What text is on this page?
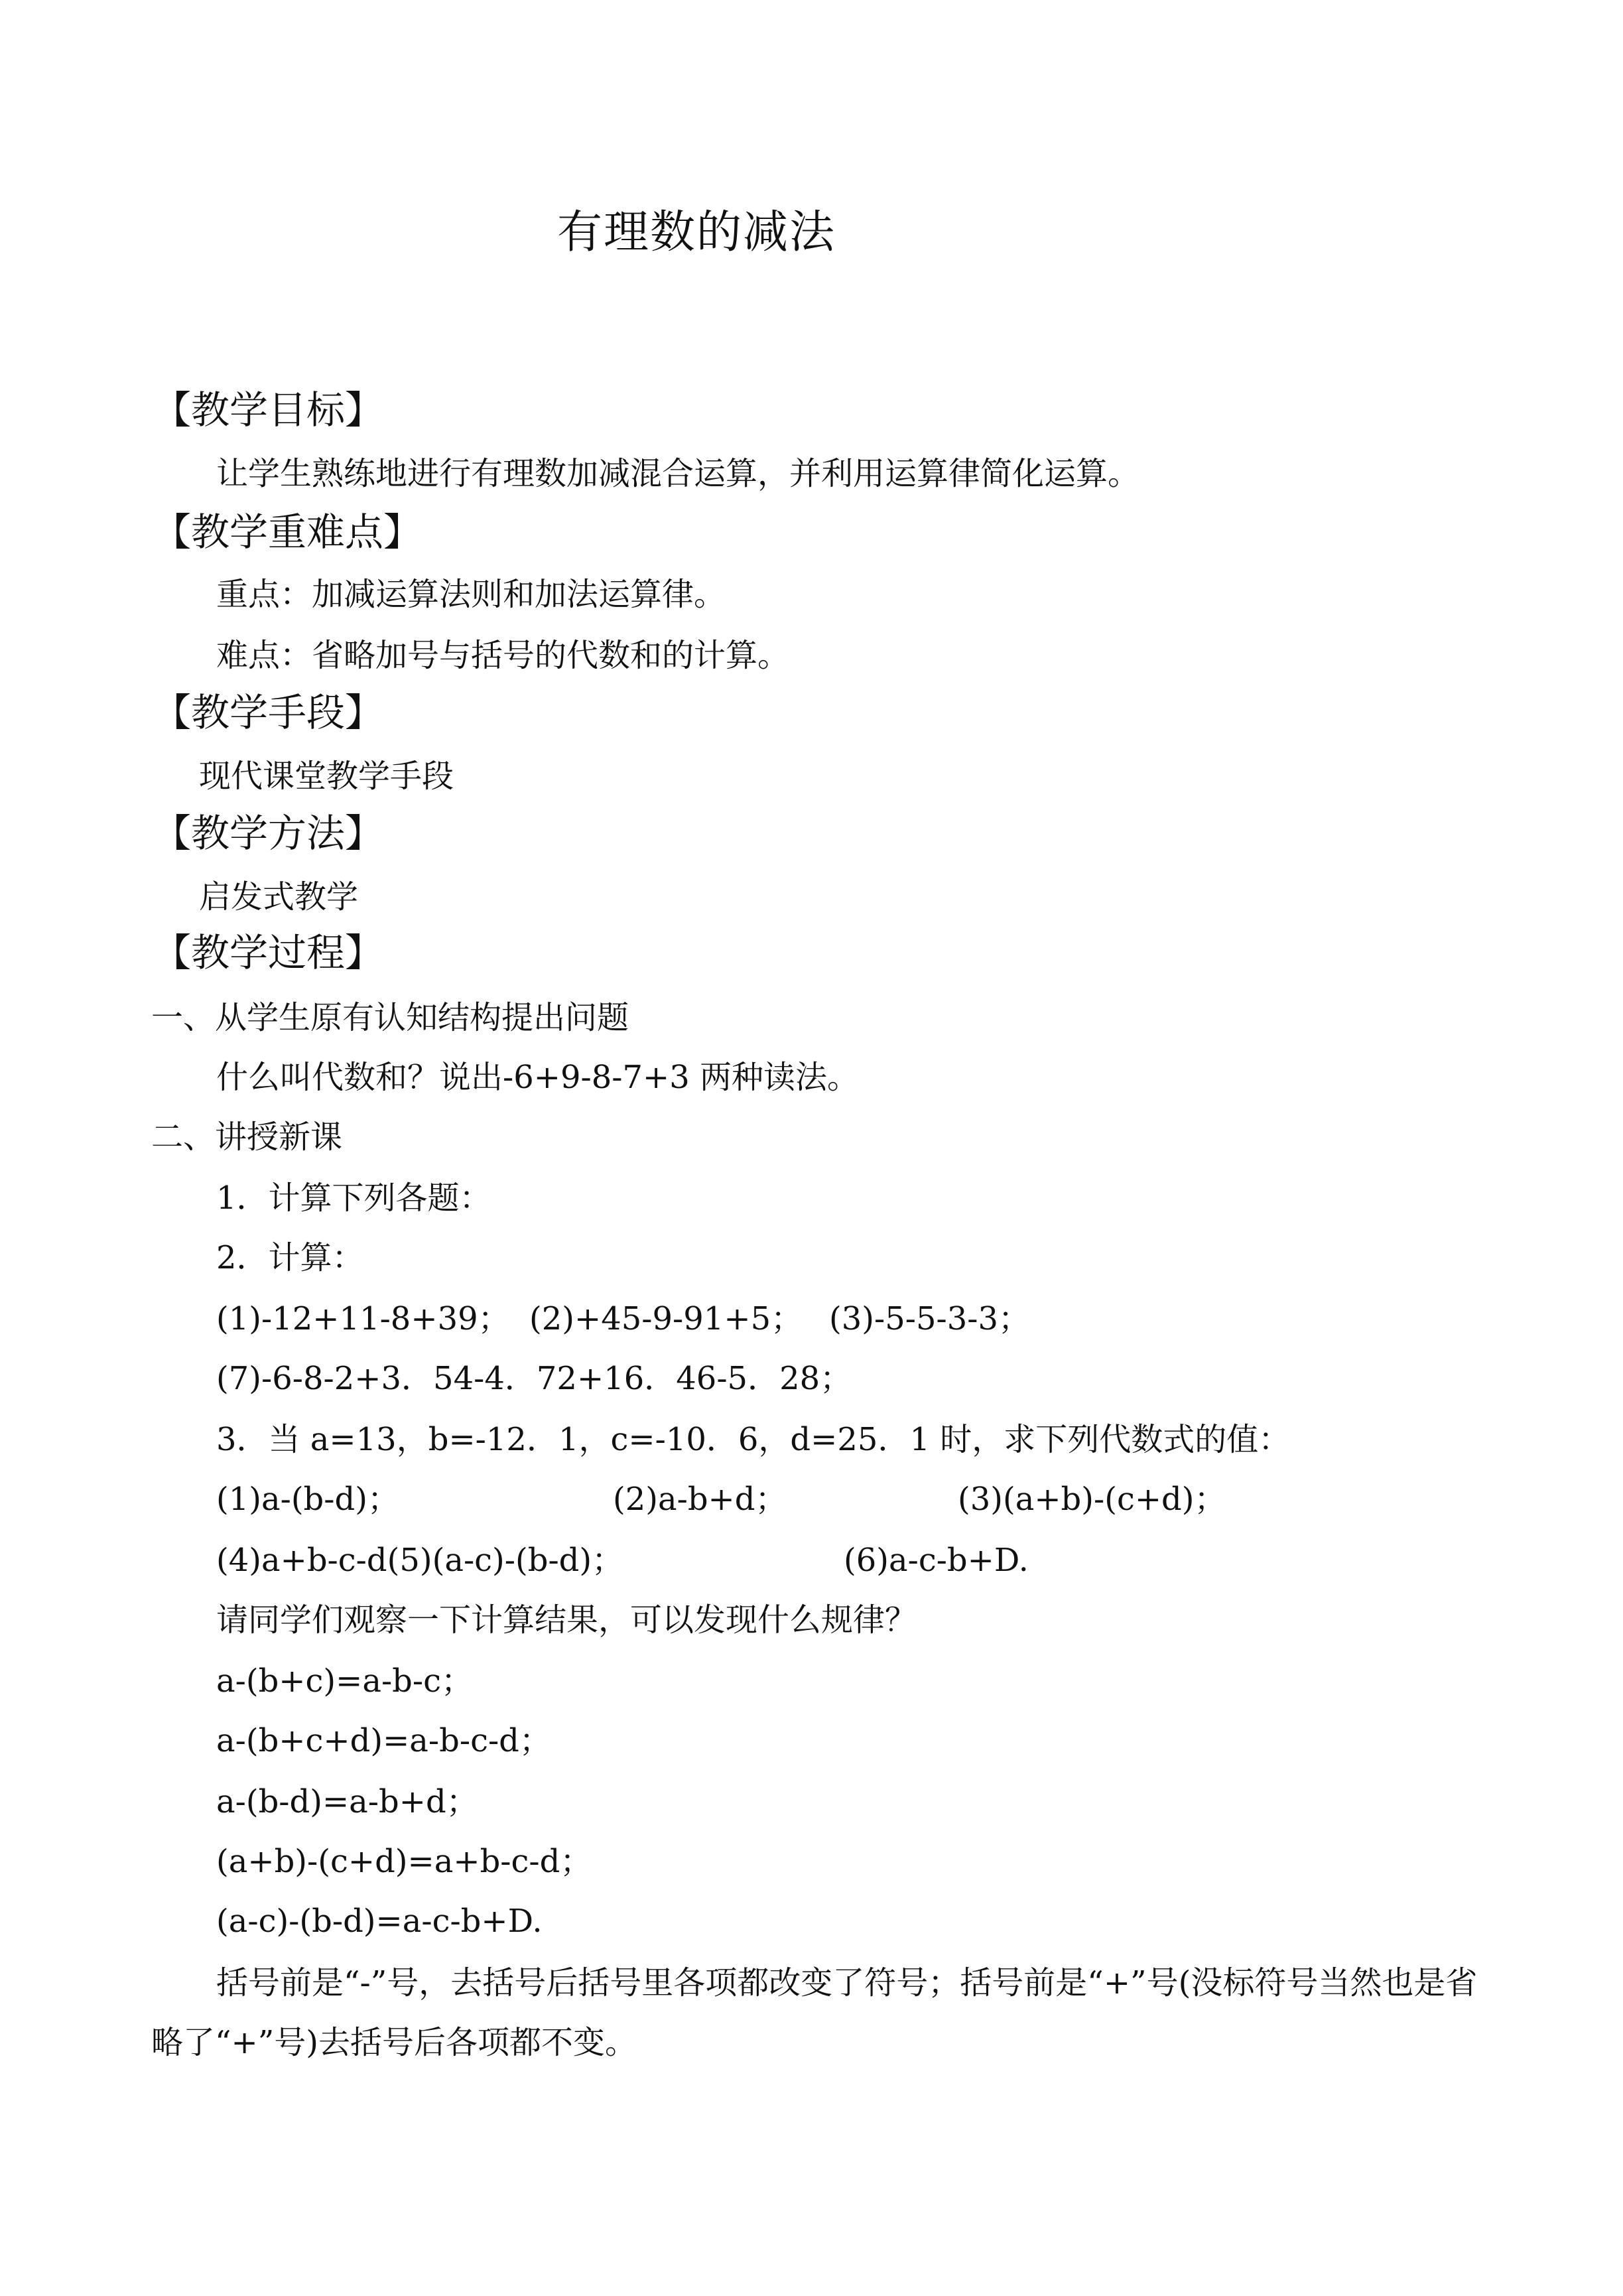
有理数的减法
【教学目标】
让学生熟练地进行有理数加减混合运算，并利用运算律简化运算。
【教学重难点】
重点：加减运算法则和加法运算律。
难点：省略加号与括号的代数和的计算。
【教学手段】
现代课堂教学手段
【教学方法】
启发式教学
【教学过程】
一、从学生原有认知结构提出问题
什么叫代数和？说出-6+9-8-7+3 两种读法。
二、讲授新课
1．计算下列各题：
2．计算：
(1)-12+11-8+39； (2)+45-9-91+5； (3)-5-5-3-3；
(7)-6-8-2+3．54-4．72+16．46-5．28；
3．当 a=13，b=-12．1，c=-10．6，d=25．1 时，求下列代数式的值：
(1)a-(b-d)；	(2)a-b+d；	(3)(a+b)-(c+d)；
(4)a+b-c-d(5)(a-c)-(b-d)；	(6)a-c-b+D.
请同学们观察一下计算结果，可以发现什么规律？
a-(b+c)=a-b-c；
a-(b+c+d)=a-b-c-d；
a-(b-d)=a-b+d；
(a+b)-(c+d)=a+b-c-d；
(a-c)-(b-d)=a-c-b+D.
括号前是“-”号，去括号后括号里各项都改变了符号；括号前是“+”号(没标符号当然也是省略了“+”号)去括号后各项都不变。
